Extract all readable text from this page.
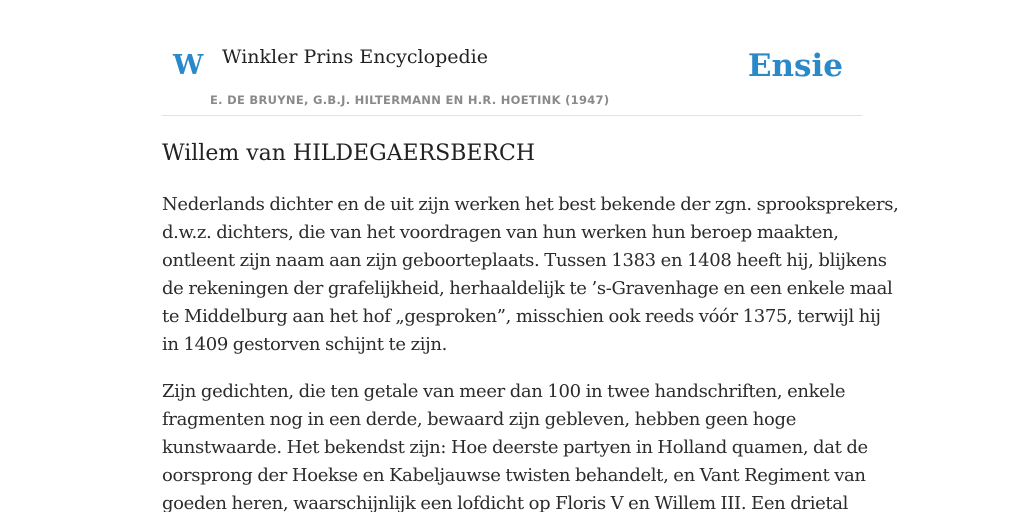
W Winkler Prins Encyclopedie
E. DE BRUYNE, G.B.J. HILTERMANN EN H.R. HOETINK (1947)
Ensie
Willem van HILDEGAERSBERCH

Nederlands dichter en de uit zijn werken het best bekende der zgn. sprooksprekers,
d.w.z. dichters, die van het voordragen van hun werken hun beroep maakten,
ontleent zijn naam aan zijn geboorteplaats. Tussen 1383 en 1408 heeft hij, blijkens
de rekeningen der grafelijkheid, herhaaldelijk te ’s-Gravenhage en een enkele maal
te Middelburg aan het hof „gesproken”, misschien ook reeds vóór 1375, terwijl hij
in 1409 gestorven schijnt te zijn.

Zijn gedichten, die ten getale van meer dan 100 in twee handschriften, enkele
fragmenten nog in een derde, bewaard zijn gebleven, hebben geen hoge
kunstwaarde. Het bekendst zijn: Hoe deerste partyen in Holland quamen, dat de
oorsprong der Hoekse en Kabeljauwse twisten behandelt, en Vant Regiment van
goeden heren, waarschijnlijk een lofdicht op Floris V en Willem III. Een drietal
